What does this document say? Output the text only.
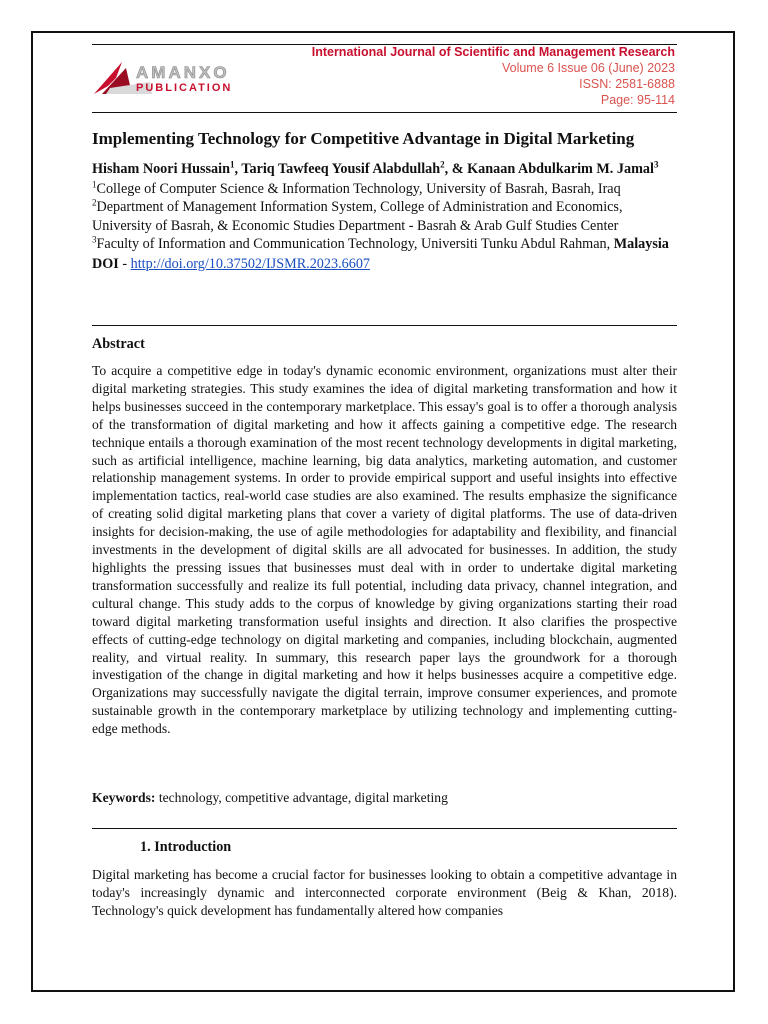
AMANXO
PUBLICATION
International Journal of Scientific and Management Research
Volume 6 Issue 06 (June) 2023
ISSN: 2581-6888
Page: 95-114
Implementing Technology for Competitive Advantage in Digital Marketing
Hisham Noori Hussain$^1$, Tariq Tawfeeq Yousif Alabdullah$^2$, & Kanaan Abdulkarim M. Jamal$^3$
$^1$College of Computer Science & Information Technology, University of Basrah, Basrah, Iraq
$^2$Department of Management Information System, College of Administration and Economics, University of Basrah, & Economic Studies Department - Basrah & Arab Gulf Studies Center
$^3$Faculty of Information and Communication Technology, Universiti Tunku Abdul Rahman, Malaysia
DOI - http://doi.org/10.37502/IJSMR.2023.6607
Abstract

To acquire a competitive edge in today's dynamic economic environment, organizations must alter their digital marketing strategies. This study examines the idea of digital marketing transformation and how it helps businesses succeed in the contemporary marketplace. This essay's goal is to offer a thorough analysis of the transformation of digital marketing and how it affects gaining a competitive edge. The research technique entails a thorough examination of the most recent technology developments in digital marketing, such as artificial intelligence, machine learning, big data analytics, marketing automation, and customer relationship management systems. In order to provide empirical support and useful insights into effective implementation tactics, real-world case studies are also examined. The results emphasize the significance of creating solid digital marketing plans that cover a variety of digital platforms. The use of data-driven insights for decision-making, the use of agile methodologies for adaptability and flexibility, and financial investments in the development of digital skills are all advocated for businesses. In addition, the study highlights the pressing issues that businesses must deal with in order to undertake digital marketing transformation successfully and realize its full potential, including data privacy, channel integration, and cultural change. This study adds to the corpus of knowledge by giving organizations starting their road toward digital marketing transformation useful insights and direction. It also clarifies the prospective effects of cutting-edge technology on digital marketing and companies, including blockchain, augmented reality, and virtual reality. In summary, this research paper lays the groundwork for a thorough investigation of the change in digital marketing and how it helps businesses acquire a competitive edge. Organizations may successfully navigate the digital terrain, improve consumer experiences, and promote sustainable growth in the contemporary marketplace by utilizing technology and implementing cutting-edge methods.

Keywords: technology, competitive advantage, digital marketing

1. Introduction

Digital marketing has become a crucial factor for businesses looking to obtain a competitive advantage in today's increasingly dynamic and interconnected corporate environment (Beig & Khan, 2018). Technology's quick development has fundamentally altered how companies
